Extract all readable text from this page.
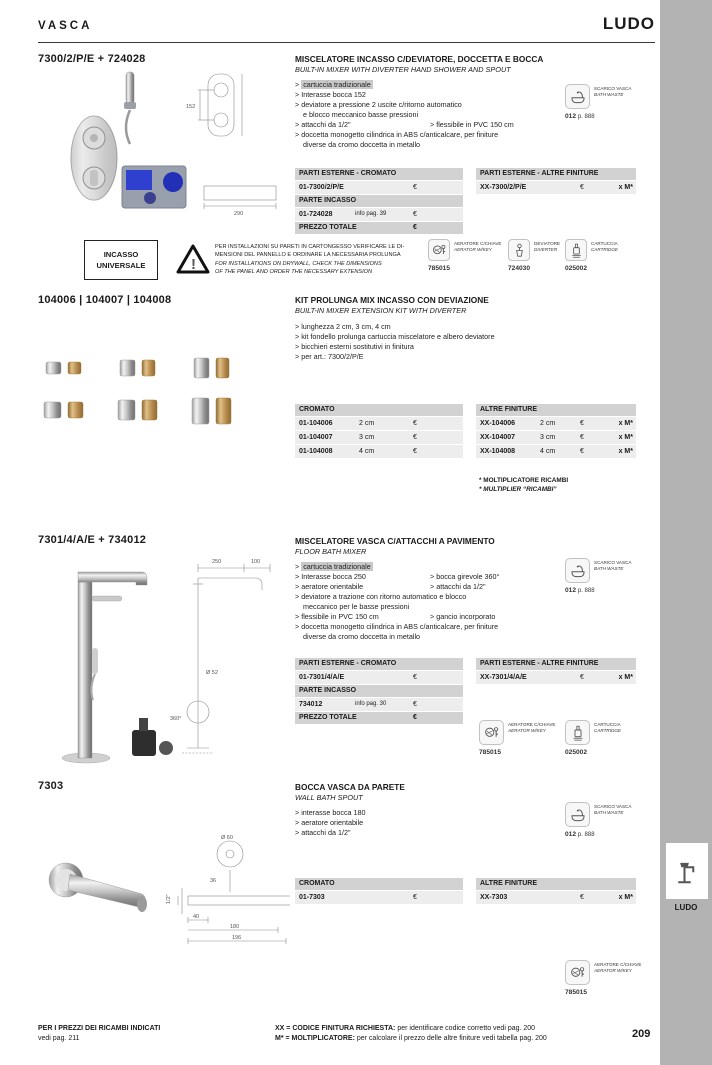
VASCA	LUDO
7300/2/P/E + 724028
152
290
MISCELATORE INCASSO C/DEVIATORE, DOCCETTA E BOCCA
BUILT-IN MIXER WITH DIVERTER HAND SHOWER AND SPOUT
> cartuccia tradizionale
> Interasse bocca 152
> deviatore a pressione 2 uscite c/ritorno automatico
e blocco meccanico basse pressioni
> attacchi da 1/2"	> flessibile in PVC 150 cm
> doccetta monogetto cilindrica in ABS c/anticalcare, per finiture
diverse da cromo doccetta in metallo
SCARICO VASCA
BATH WASTE
012 p. 888
PARTI ESTERNE - CROMATO
01-7300/2/P/E	€
PARTE INCASSO
01-724028	info pag. 39	€
PREZZO TOTALE	€
PARTI ESTERNE - ALTRE FINITURE
XX-7300/2/P/E	€	x M*
INCASSO
UNIVERSALE	!
PER INSTALLAZIONI SU PARETI IN CARTONGESSO VERIFICARE LE DI-
MENSIONI DEL PANNELLO E ORDINARE LA NECESSARIA PROLUNGA
FOR INSTALLATIONS ON DRYWALL, CHECK THE DIMENSIONS
OF THE PANEL AND ORDER THE NECESSARY EXTENSION
AERATORE C/CHIAVE
AERATOR W/KEY
785015
DEVIATORE
DIVERTER
724030
CARTUCCIA
CARTRIDGE
025002
104006 | 104007 | 104008	KIT PROLUNGA MIX INCASSO CON DEVIAZIONE
BUILT-IN MIXER EXTENSION KIT WITH DIVERTER
> lunghezza 2 cm, 3 cm, 4 cm
> kit fondello prolunga cartuccia miscelatore e albero deviatore
> bicchieri esterni sostitutivi in finitura
> per art.: 7300/2/P/E
CROMATO
01-104006	2 cm	€
01-104007	3 cm	€
01-104008	4 cm	€
ALTRE FINITURE
XX-104006	2 cm	€	x M*
XX-104007	3 cm	€	x M*
XX-104008	4 cm	€	x M*
* MOLTIPLICATORE RICAMBI
* MULTIPLIER “RICAMBI”
7301/4/A/E + 734012
250	100
Ø 52
360°
MISCELATORE VASCA C/ATTACCHI A PAVIMENTO
FLOOR BATH MIXER
> cartuccia tradizionale
> Interasse bocca 250	> bocca girevole 360°
> aeratore orientabile	> attacchi da 1/2"
> deviatore a trazione con ritorno automatico e blocco
meccanico per le basse pressioni
> flessibile in PVC 150 cm	> gancio incorporato
> doccetta monogetto cilindrica in ABS c/anticalcare, per finiture
diverse da cromo doccetta in metallo
SCARICO VASCA
BATH WASTE
012 p. 888
PARTI ESTERNE - CROMATO
01-7301/4/A/E	€
PARTE INCASSO
734012	info pag. 30	€
PREZZO TOTALE	€
PARTI ESTERNE - ALTRE FINITURE
XX-7301/4/A/E	€	x M*
AERATORE C/CHIAVE
AERATOR W/KEY
785015
CARTUCCIA
CARTRIDGE
025002
7303	BOCCA VASCA DA PARETE
WALL BATH SPOUT
> interasse bocca 180
> aeratore orientabile
> attacchi da 1/2"
SCARICO VASCA
BATH WASTE
012 p. 888
Ø 60
36
40
180
196
1/2"
CROMATO
01-7303	€
ALTRE FINITURE
XX-7303	€	x M*
AERATORE C/CHIAVE
AERATOR W/KEY
785015
PER I PREZZI DEI RICAMBI INDICATI
vedi pag. 211
XX = CODICE FINITURA RICHIESTA: per identificare codice corretto vedi pag. 200
M* = MOLTIPLICATORE: per calcolare il prezzo delle altre finiture vedi tabella pag. 200	209
LUDO
